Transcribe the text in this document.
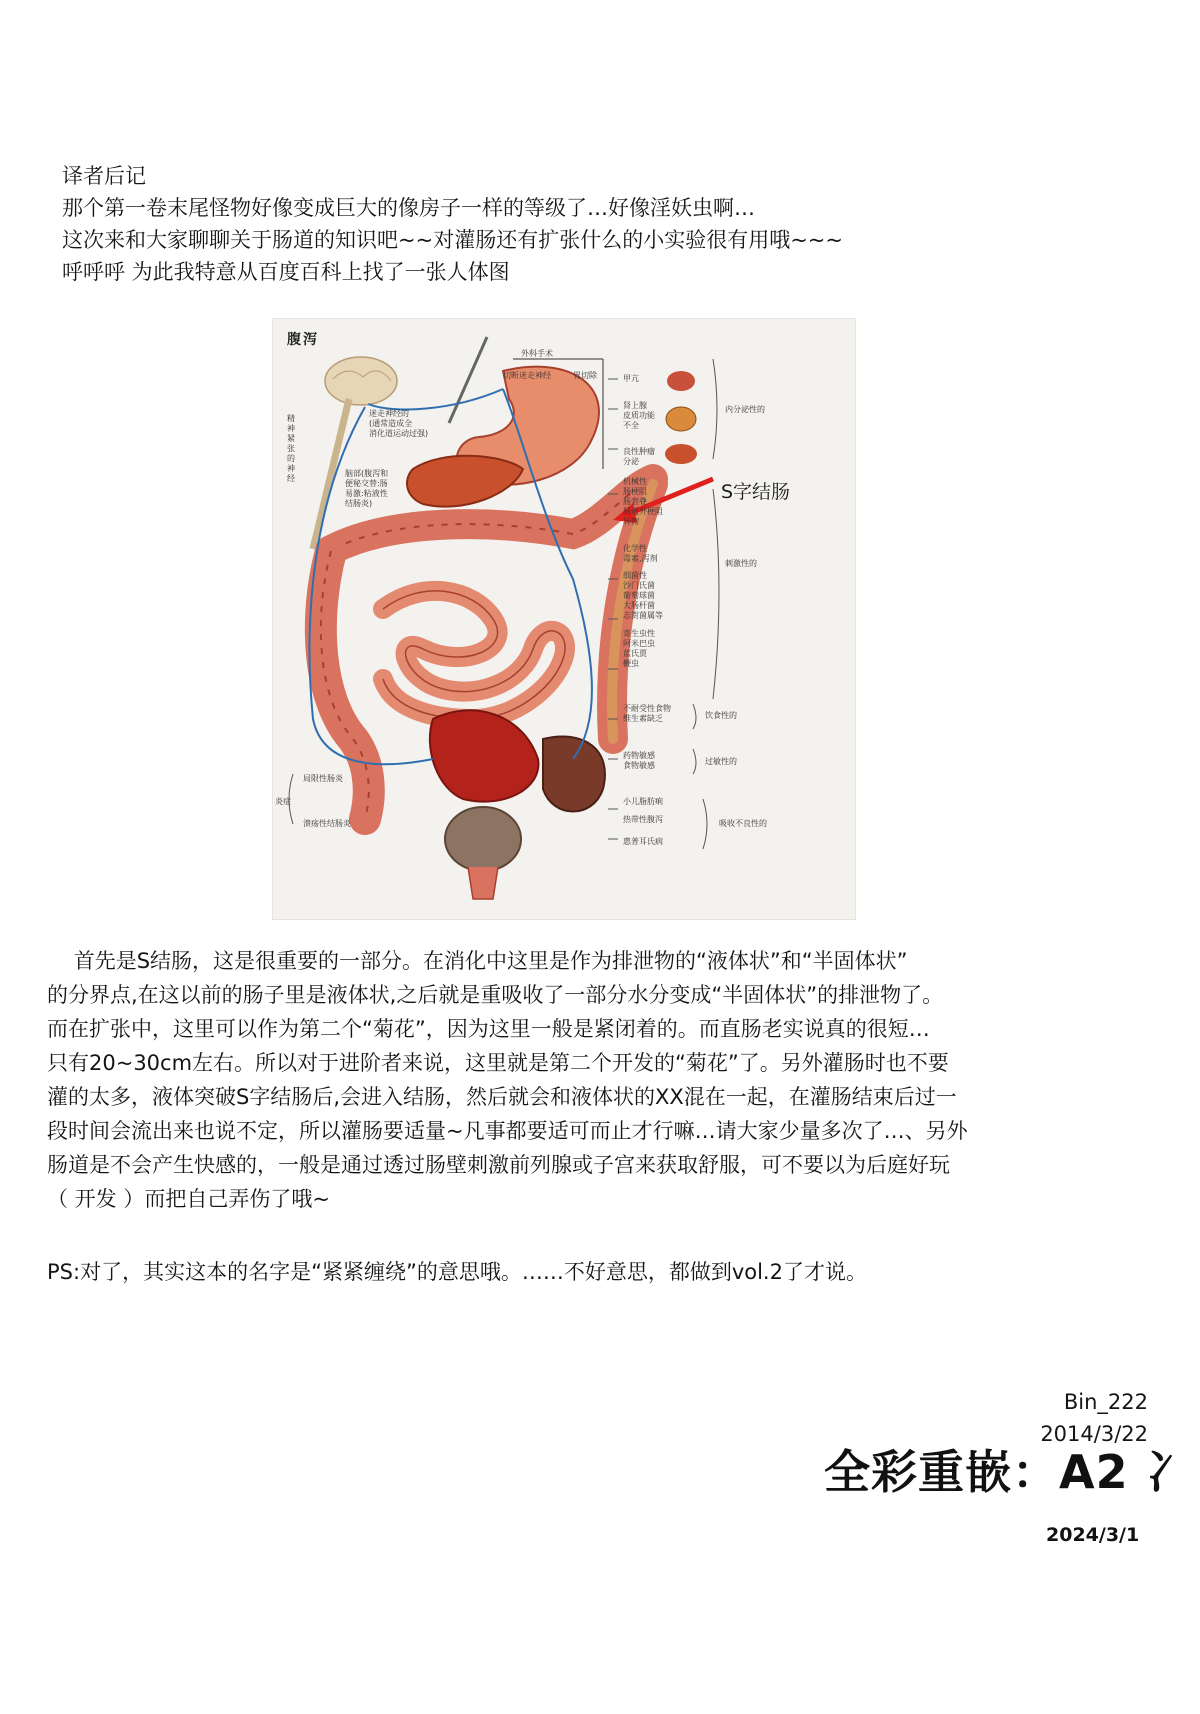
译者后记
那个第一卷末尾怪物好像变成巨大的像房子一样的等级了…好像淫妖虫啊…
这次来和大家聊聊关于肠道的知识吧~~对灌肠还有扩张什么的小实验很有用哦~~~
呼呼呼 为此我特意从百度百科上找了一张人体图
腹泻
S字结肠
外科手术
切断迷走神经	胃切除
迷走神经的
(通常造成全
消化道运动过强)
精神紧张的神经
脑部(腹泻和
便秘交替:肠
易激:粘液性
结肠炎)
甲亢
肾上腺
皮质功能
不全
良性肿瘤
分泌
内分泌性的
机械性
肠梗阻
肠套叠
肠道外梗阻
异物
化学性
毒素,泻剂
细菌性
沙门氏菌
葡萄球菌
大肠杆菌
志贺菌属等
寄生虫性
阿米巴虫
蓝氏贾
鞭虫
刺激性的
不耐受性食物
维生素缺乏	饮食性的
药物敏感
食物敏感	过敏性的
小儿脂肪痢
热带性腹泻
惠普耳氏病
吸收不良性的
局限性肠炎
炎症
溃疡性结肠炎
首先是S结肠，这是很重要的一部分。在消化中这里是作为排泄物的“液体状”和“半固体状”
的分界点,在这以前的肠子里是液体状,之后就是重吸收了一部分水分变成“半固体状”的排泄物了。
而在扩张中，这里可以作为第二个“菊花”，因为这里一般是紧闭着的。而直肠老实说真的很短…
只有20~30cm左右。所以对于进阶者来说，这里就是第二个开发的“菊花”了。另外灌肠时也不要
灌的太多，液体突破S字结肠后,会进入结肠，然后就会和液体状的XX混在一起，在灌肠结束后过一
段时间会流出来也说不定，所以灌肠要适量~凡事都要适可而止才行嘛…请大家少量多次了…、另外
肠道是不会产生快感的，一般是通过透过肠壁刺激前列腺或子宫来获取舒服，可不要以为后庭好玩
（ 开发 ）而把自己弄伤了哦~
PS:对了，其实这本的名字是“紧紧缠绕”的意思哦。……不好意思，都做到vol.2了才说。
Bin_222
2014/3/22
全彩重嵌：A2 冫
2024/3/1
